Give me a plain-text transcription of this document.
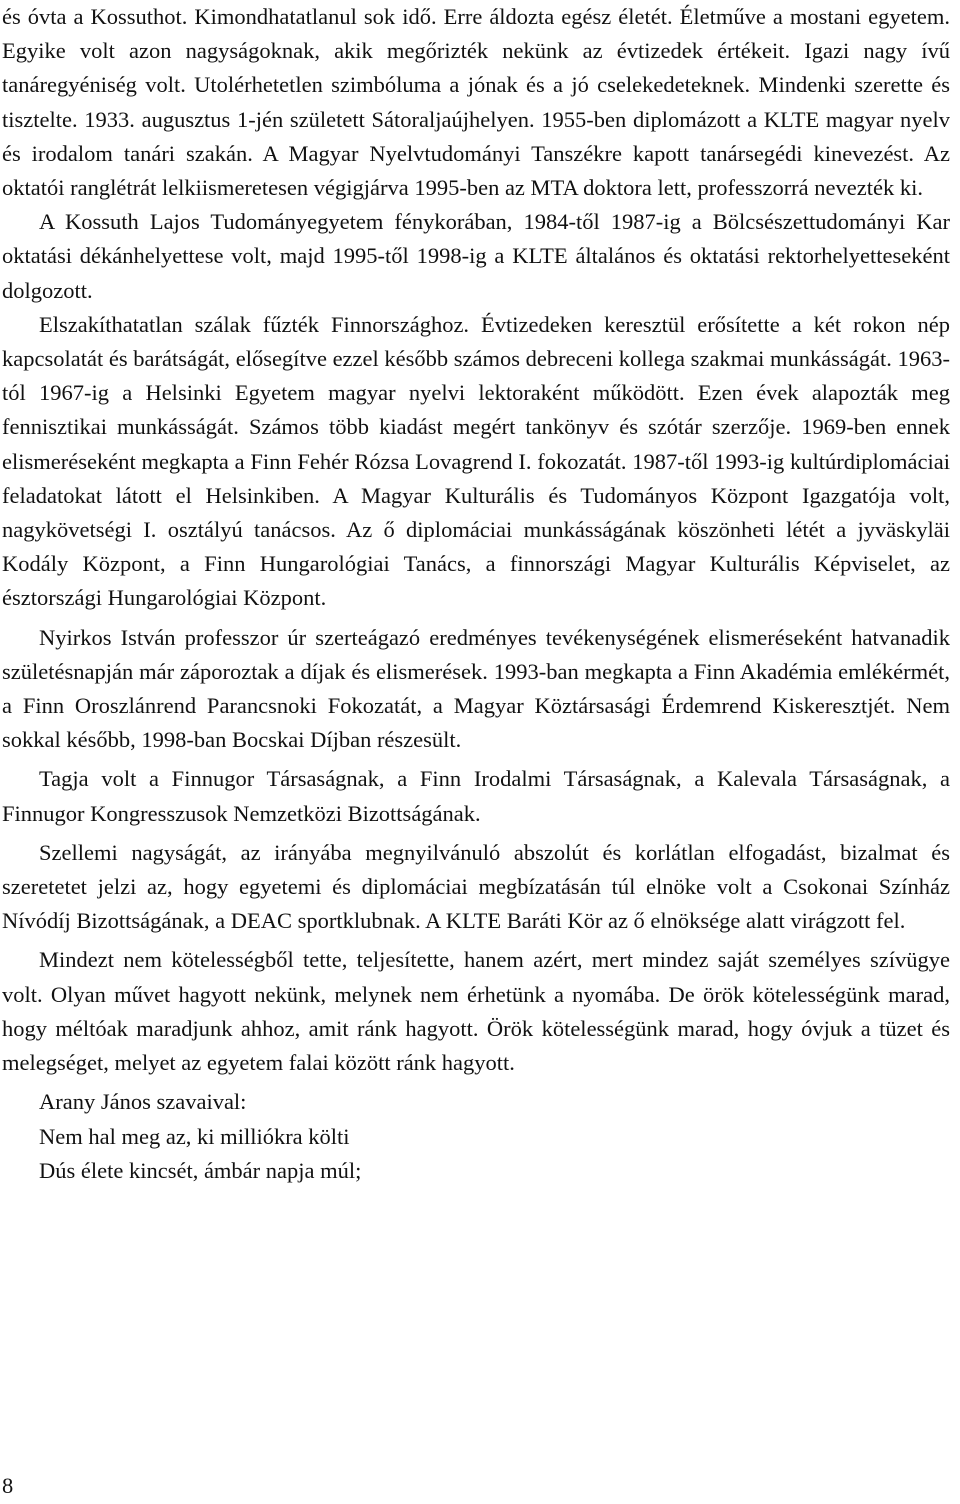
és óvta a Kossuthot. Kimondhatatlanul sok idő. Erre áldozta egész életét. Életműve a mostani egyetem. Egyike volt azon nagyságoknak, akik megőrizték nekünk az évtizedek értékeit. Igazi nagy ívű tanáregyéniség volt. Utolérhetetlen szimbóluma a jónak és a jó cselekedeteknek. Mindenki szerette és tisztelte. 1933. augusztus 1-jén született Sátoraljaújhelyen. 1955-ben diplomázott a KLTE magyar nyelv és irodalom tanári szakán. A Magyar Nyelvtudományi Tanszékre kapott tanársegédi kinevezést. Az oktatói ranglétrát lelkiismeretesen végigjárva 1995-ben az MTA doktora lett, professzorrá nevezték ki.

A Kossuth Lajos Tudományegyetem fénykorában, 1984-től 1987-ig a Bölcsészettudományi Kar oktatási dékánhelyettese volt, majd 1995-től 1998-ig a KLTE általános és oktatási rektorhelyetteseként dolgozott.

Elszakíthatatlan szálak fűzték Finnországhoz. Évtizedeken keresztül erősítette a két rokon nép kapcsolatát és barátságát, elősegítve ezzel később számos debreceni kollega szakmai munkásságát. 1963-tól 1967-ig a Helsinki Egyetem magyar nyelvi lektoraként működött. Ezen évek alapozták meg fennisztikai munkásságát. Számos több kiadást megért tankönyv és szótár szerzője. 1969-ben ennek elismeréseként megkapta a Finn Fehér Rózsa Lovagrend I. fokozatát. 1987-től 1993-ig kultúrdiplomáciai feladatokat látott el Helsinkiben. A Magyar Kulturális és Tudományos Központ Igazgatója volt, nagykövetségi I. osztályú tanácsos. Az ő diplomáciai munkásságának köszönheti létét a jyväskyläi Kodály Központ, a Finn Hungarológiai Tanács, a finnországi Magyar Kulturális Képviselet, az észtországi Hungarológiai Központ.

Nyirkos István professzor úr szerteágazó eredményes tevékenységének elismeréseként hatvanadik születésnapján már záporoztak a díjak és elismerések. 1993-ban megkapta a Finn Akadémia emlékérmét, a Finn Oroszlánrend Parancsnoki Fokozatát, a Magyar Köztársasági Érdemrend Kiskeresztjét. Nem sokkal később, 1998-ban Bocskai Díjban részesült.

Tagja volt a Finnugor Társaságnak, a Finn Irodalmi Társaságnak, a Kalevala Társaságnak, a Finnugor Kongresszusok Nemzetközi Bizottságának.

Szellemi nagyságát, az irányába megnyilvánuló abszolút és korlátlan elfogadást, bizalmat és szeretetet jelzi az, hogy egyetemi és diplomáciai megbízatásán túl elnöke volt a Csokonai Színház Nívódíj Bizottságának, a DEAC sportklubnak. A KLTE Baráti Kör az ő elnöksége alatt virágzott fel.

Mindezt nem kötelességből tette, teljesítette, hanem azért, mert mindez saját személyes szívügye volt. Olyan művet hagyott nekünk, melynek nem érhetünk a nyomába. De örök kötelességünk marad, hogy méltóak maradjunk ahhoz, amit ránk hagyott. Örök kötelességünk marad, hogy óvjuk a tüzet és melegséget, melyet az egyetem falai között ránk hagyott.

Arany János szavaival:

Nem hal meg az, ki milliókra költi

Dús élete kincsét, ámbár napja múl;

8
